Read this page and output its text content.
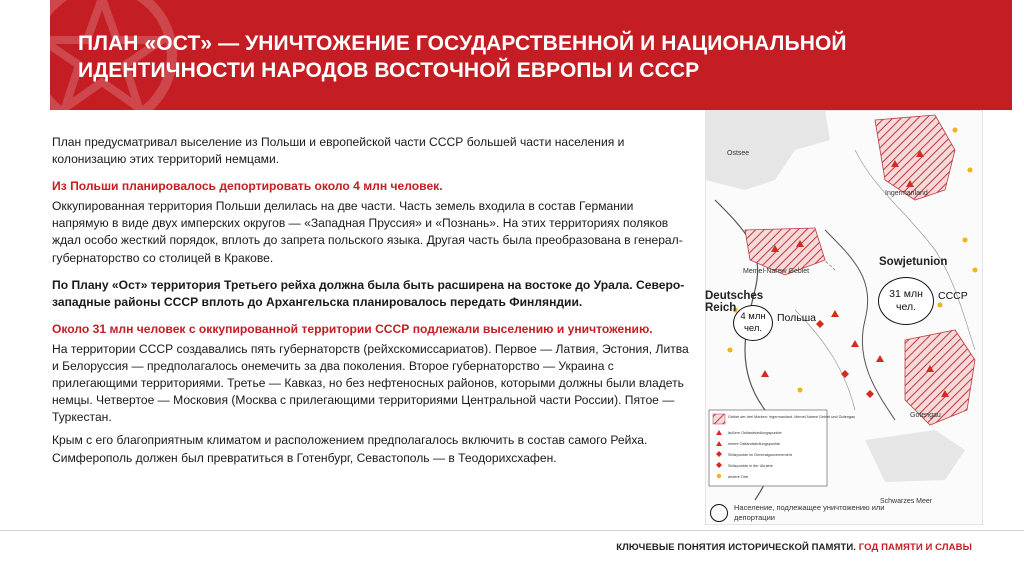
ПЛАН «ОСТ» — УНИЧТОЖЕНИЕ ГОСУДАРСТВЕННОЙ И НАЦИОНАЛЬНОЙ
ИДЕНТИЧНОСТИ НАРОДОВ ВОСТОЧНОЙ ЕВРОПЫ И СССР

План предусматривал выселение из Польши и европейской части СССР большей части населения и колонизацию этих территорий немцами.

Из Польши планировалось депортировать около 4 млн человек.

Оккупированная территория Польши делилась на две части. Часть земель входила в состав Германии напрямую в виде двух имперских округов — «Западная Пруссия» и «Познань». На этих территориях поляков ждал особо жесткий порядок, вплоть до запрета польского языка. Другая часть была преобразована в генерал-губернаторство со столицей в Кракове.

По Плану «Ост» территория Третьего рейха должна была быть расширена на востоке до Урала. Северо-западные районы СССР вплоть до Архангельска планировалось передать Финляндии.

Около 31 млн человек с оккупированной территории СССР подлежали выселению и уничтожению.

На территории СССР создавались пять губернаторств (рейхскомиссариатов). Первое — Латвия, Эстония, Литва и Белоруссия — предполагалось онемечить за два поколения. Второе губернаторство — Украина с прилегающими территориями. Третье — Кавказ, но без нефтеносных районов, которыми должны были владеть немцы. Четвертое — Московия (Москва с прилегающими территориями Центральной части России). Пятое — Туркестан.

Крым с его благоприятным климатом и расположением предполагалось включить в состав самого Рейха. Симферополь должен был превратиться в Готенбург, Севастополь — в Теодорихсхафен.

Gebiet der drei Marken: Ingermanland, Memel-Narew Gebiet und Gotengau
äußere Ostlandsiedlungspunkte
innere Ostlandsiedlungspunkte
Stützpunkte im Generalgouvernement
Stützpunkte in der Ukraine
andere Orte
Ostsee
Ingermanland
Memel-Narew Gebiet
Sowjetunion
Deutsches
Reich
Gotengau
Schwarzes Meer
31 млн
чел.
СССР
4 млн
чел.
Польша
Население, подлежащее уничтожению или депортации
КЛЮЧЕВЫЕ ПОНЯТИЯ ИСТОРИЧЕСКОЙ ПАМЯТИ. ГОД ПАМЯТИ И СЛАВЫ
